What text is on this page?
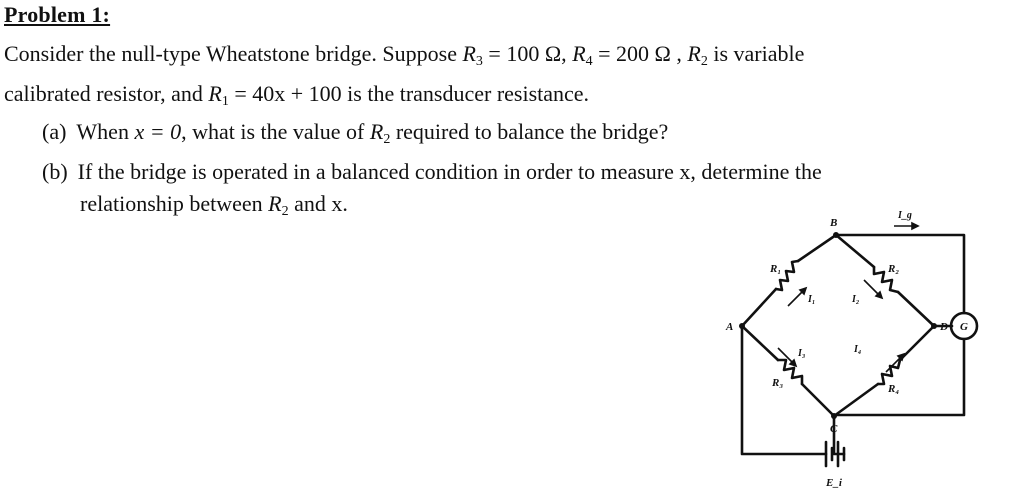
Problem 1:
Consider the null-type Wheatstone bridge. Suppose $R_3 = 100$ Ω, $R_4 = 200$ Ω , $R_2$ is variable
calibrated resistor, and $R_1 = 40x + 100$ is the transducer resistance.
(a) When x = 0, what is the value of $R_2$ required to balance the bridge?
(b) If the bridge is operated in a balanced condition in order to measure x, determine the
relationship between $R_2$ and x.
A
B
C
D
R₁	R₂
R₃	R₄
I₁	I₂
I₃	I₄
I_g
G
E_i
